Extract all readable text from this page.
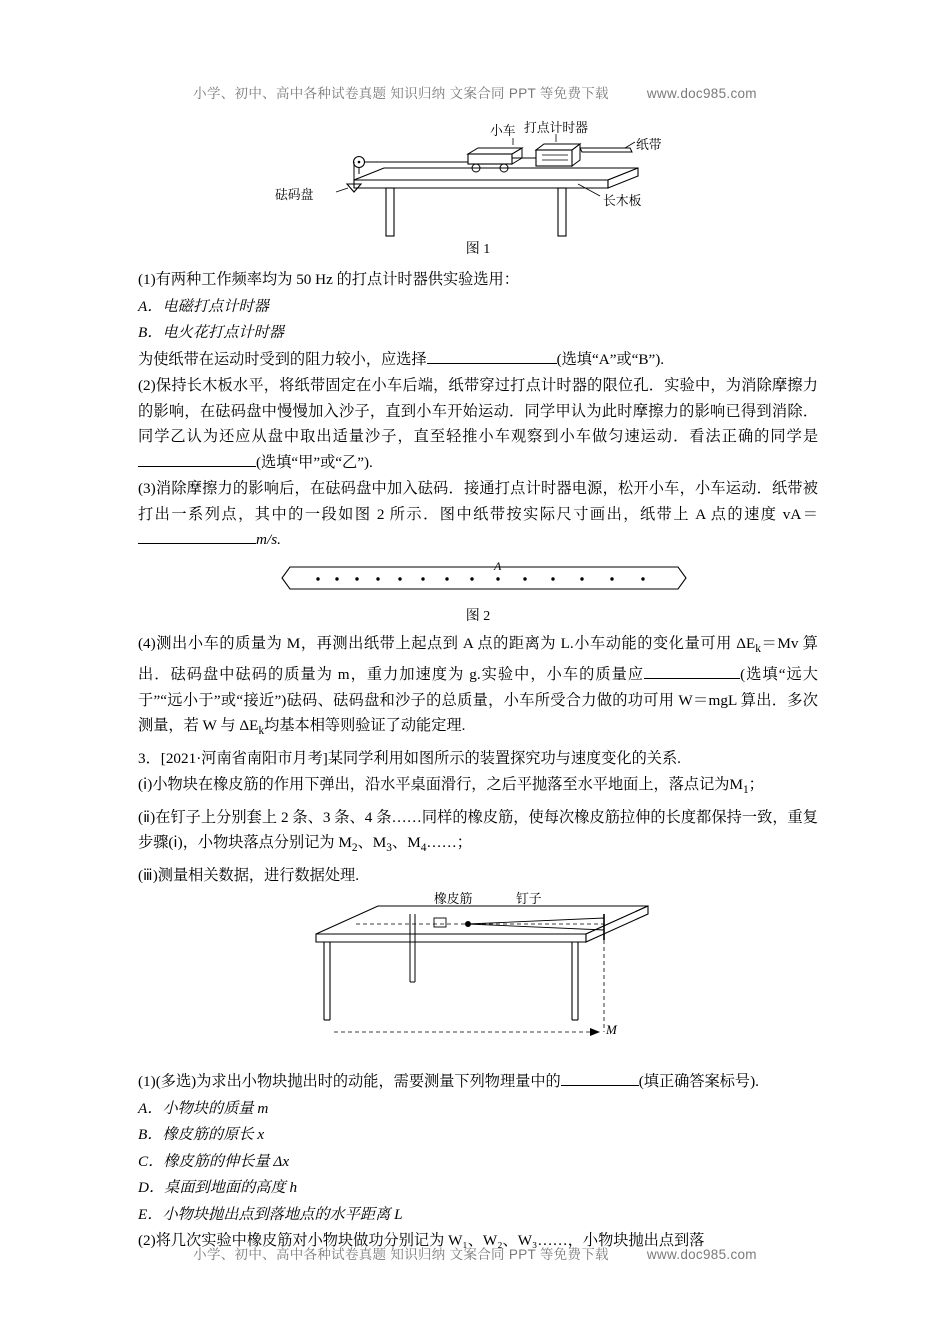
小学、初中、高中各种试卷真题 知识归纳 文案合同 PPT 等免费下载	www.doc985.com
小车 打点计时器
纸带
砝码盘	长木板
图 1

(1)有两种工作频率均为 50 Hz 的打点计时器供实验选用：

A．电磁打点计时器

B．电火花打点计时器

为使纸带在运动时受到的阻力较小，应选择	(选填“A”或“B”).

(2)保持长木板水平，将纸带固定在小车后端，纸带穿过打点计时器的限位孔．实验中，为消除摩擦力的影响，在砝码盘中慢慢加入沙子，直到小车开始运动．同学甲认为此时摩擦力的影响已得到消除．同学乙认为还应从盘中取出适量沙子，直至轻推小车观察到小车做匀速运动．看法正确的同学是(选填“甲”或“乙”).

(3)消除摩擦力的影响后，在砝码盘中加入砝码．接通打点计时器电源，松开小车，小车运动．纸带被打出一系列点，其中的一段如图 2 所示．图中纸带按实际尺寸画出，纸带上 A 点的速度 vA＝m/s.

A
图 2

(4)测出小车的质量为 M，再测出纸带上起点到 A 点的距离为 L.小车动能的变化量可用 $\Delta E_k=Mv$ 算出．砝码盘中砝码的质量为 m，重力加速度为 g.实验中，小车的质量应	(选填“远大于”“远小于”或“接近”)砝码、砝码盘和沙子的总质量，小车所受合力做的功可用 W＝mgL 算出．多次测量，若 W 与 $\Delta E_k$均基本相等则验证了动能定理.

3．[2021·河南省南阳市月考]某同学利用如图所示的装置探究功与速度变化的关系.

(ⅰ)小物块在橡皮筋的作用下弹出，沿水平桌面滑行，之后平抛落至水平地面上，落点记为$M_1$；

(ⅱ)在钉子上分别套上 2 条、3 条、4 条……同样的橡皮筋，使每次橡皮筋拉伸的长度都保持一致，重复步骤(ⅰ)，小物块落点分别记为 $M_2$、$M_3$、$M_4\dots\dots$；

(ⅲ)测量相关数据，进行数据处理.

橡皮筋	钉子
M

(1)(多选)为求出小物块抛出时的动能，需要测量下列物理量中的	(填正确答案标号).

A．小物块的质量 m

B．橡皮筋的原长 x

C．橡皮筋的伸长量 Δx

D．桌面到地面的高度 h

E．小物块抛出点到落地点的水平距离 L

(2)将几次实验中橡皮筋对小物块做功分别记为 W₁、W₂、W₃……，小物块抛出点到落

小学、初中、高中各种试卷真题 知识归纳 文案合同 PPT 等免费下载	www.doc985.com
